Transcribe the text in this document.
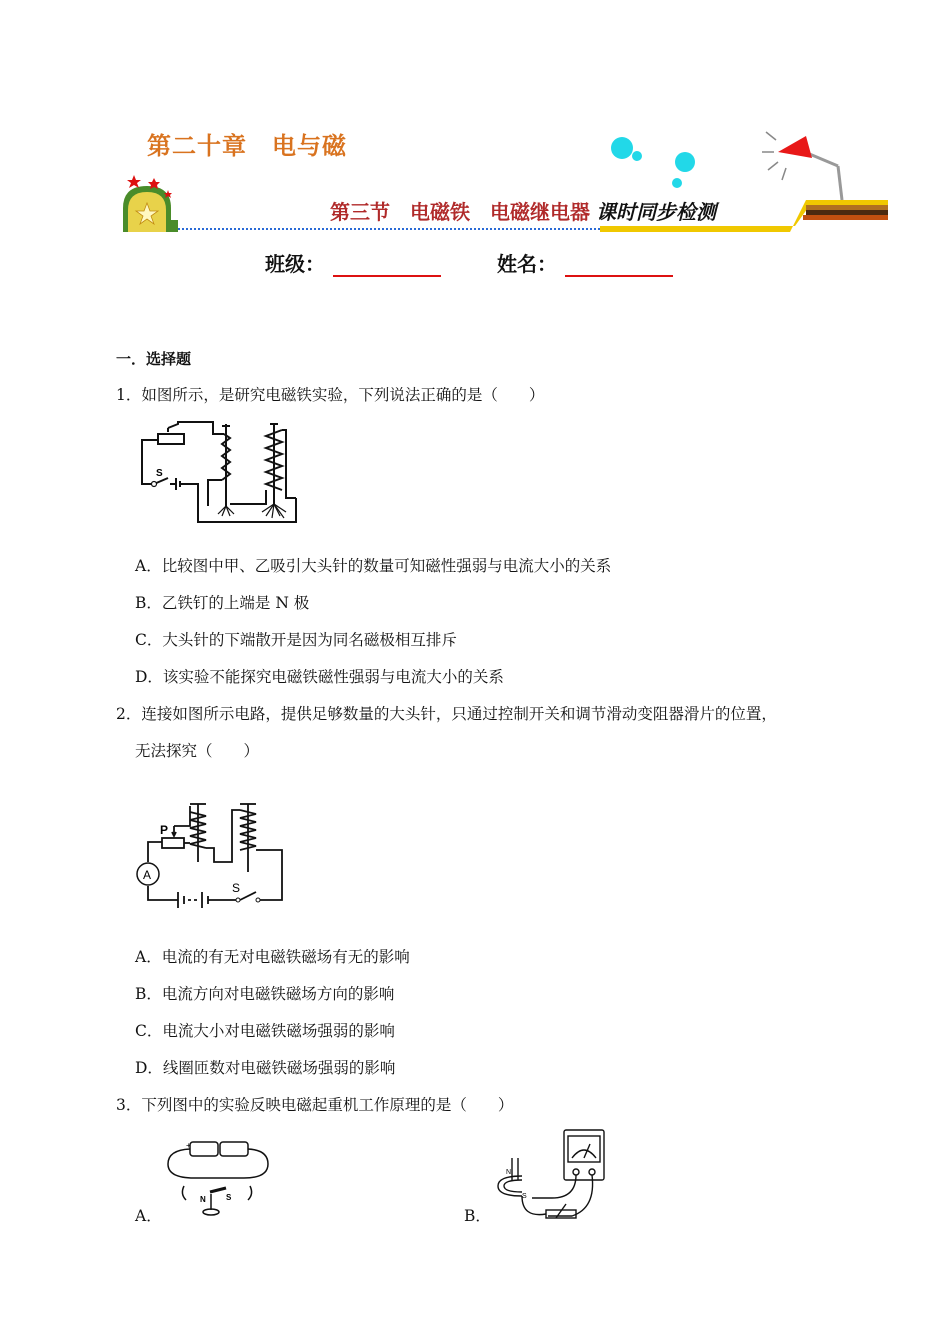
第二十章　电与磁
第三节　电磁铁　电磁继电器 课时同步检测
班级：	姓名：
一．选择题
1．如图所示，是研究电磁铁实验，下列说法正确的是（　　）
S
A．比较图中甲、乙吸引大头针的数量可知磁性强弱与电流大小的关系
B．乙铁钉的上端是 N 极
C．大头针的下端散开是因为同名磁极相互排斥
D．该实验不能探究电磁铁磁性强弱与电流大小的关系
2．连接如图所示电路，提供足够数量的大头针，只通过控制开关和调节滑动变阻器滑片的位置，
无法探究（　　）
P
A
S
A．电流的有无对电磁铁磁场有无的影响
B．电流方向对电磁铁磁场方向的影响
C．电流大小对电磁铁磁场强弱的影响
D．线圈匝数对电磁铁磁场强弱的影响
3．下列图中的实验反映电磁起重机工作原理的是（　　）
+
N	S
A．
N
S
B．
